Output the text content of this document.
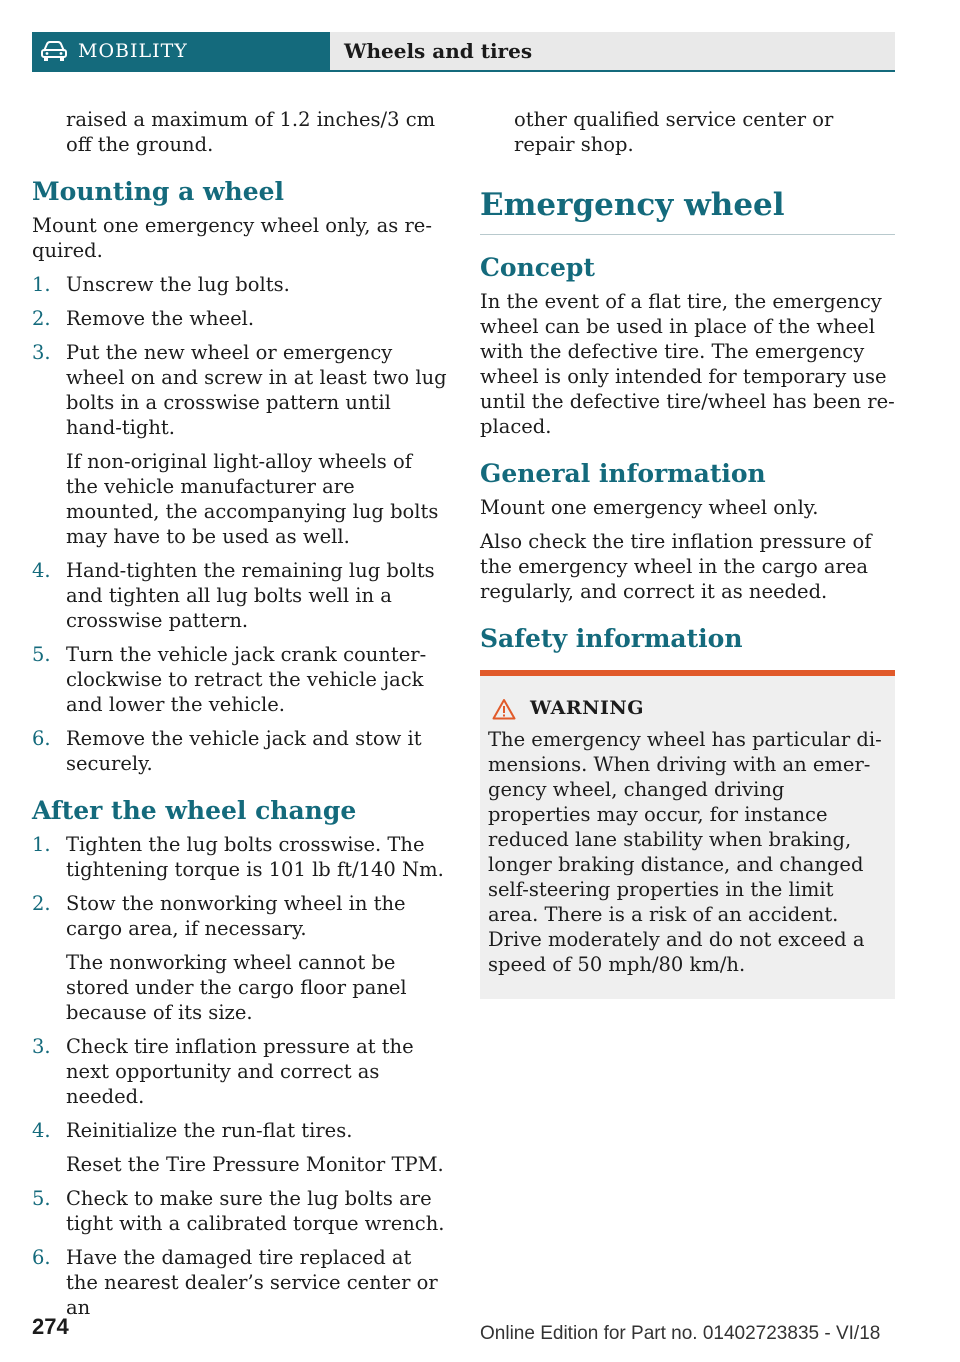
MOBILITY	Wheels and tires

raised a maximum of 1.2 inches/3 cm off the ground.

Mounting a wheel

Mount one emergency wheel only, as required.

1. Unscrew the lug bolts.

2. Remove the wheel.

3. Put the new wheel or emergency wheel on and screw in at least two lug bolts in a crosswise pattern until hand-tight.

If non-original light-alloy wheels of the vehicle manufacturer are mounted, the accompanying lug bolts may have to be used as well.

4. Hand-tighten the remaining lug bolts and tighten all lug bolts well in a crosswise pattern.

5. Turn the vehicle jack crank counterclockwise to retract the vehicle jack and lower the vehicle.

6. Remove the vehicle jack and stow it securely.

After the wheel change
1. Tighten the lug bolts crosswise. The tightening torque is 101 lb ft/140 Nm.

2. Stow the nonworking wheel in the cargo area, if necessary.

The nonworking wheel cannot be stored under the cargo floor panel because of its size.

3. Check tire inflation pressure at the next opportunity and correct as needed.

4. Reinitialize the run-flat tires.

Reset the Tire Pressure Monitor TPM.

5. Check to make sure the lug bolts are tight with a calibrated torque wrench.

6. Have the damaged tire replaced at the nearest dealer’s service center or an

other qualified service center or repair shop.

Emergency wheel
Concept

In the event of a flat tire, the emergency wheel can be used in place of the wheel with the defective tire. The emergency wheel is only intended for temporary use until the defective tire/wheel has been replaced.

General information

Mount one emergency wheel only.

Also check the tire inflation pressure of the emergency wheel in the cargo area regularly, and correct it as needed.

Safety information
WARNING

The emergency wheel has particular dimensions. When driving with an emergency wheel, changed driving properties may occur, for instance reduced lane stability when braking, longer braking distance, and changed self-steering properties in the limit area. There is a risk of an accident. Drive moderately and do not exceed a speed of 50 mph/80 km/h.

274	Online Edition for Part no. 01402723835 - VI/18
